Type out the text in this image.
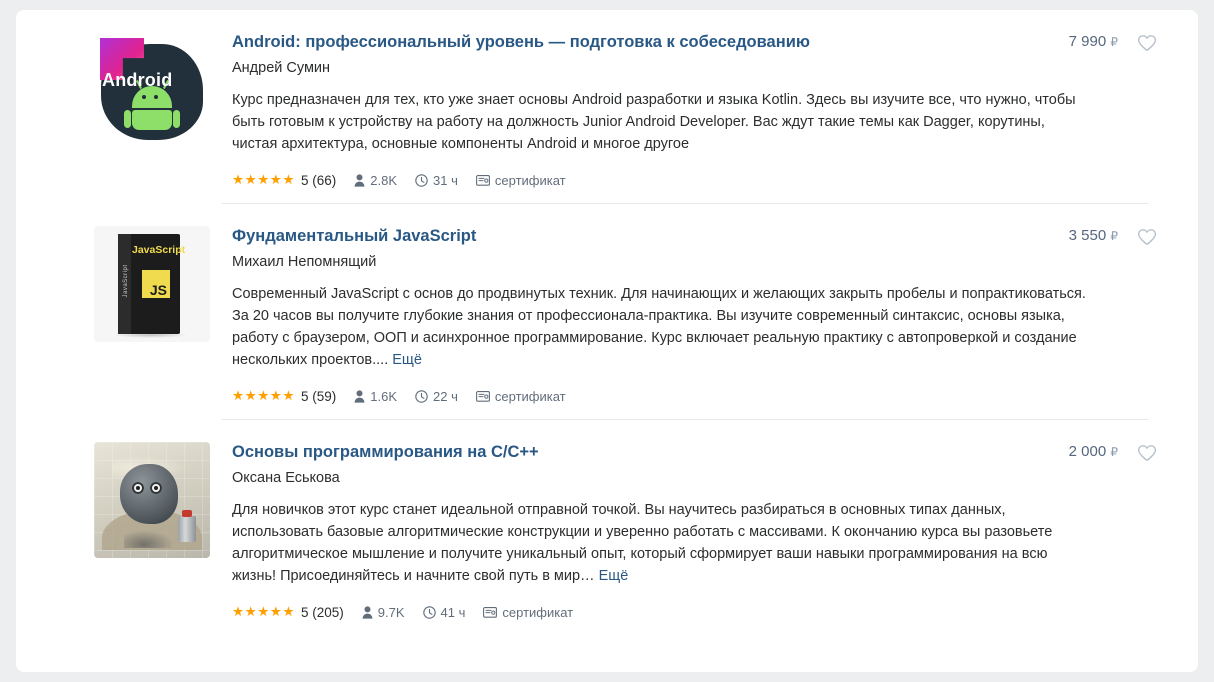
Android
Android: профессиональный уровень — подготовка к собеседованию	7 990 ₽
Андрей Сумин
Курс предназначен для тех, кто уже знает основы Android разработки и языка Kotlin. Здесь вы изучите все, что нужно, чтобы быть готовым к устройству на работу на должность Junior Android Developer. Вас ждут такие темы как Dagger, корутины, чистая архитектура, основные компоненты Android и многое другое
★★★★★ 5 (66)	2.8K	31 ч	сертификат
JavaScript
JavaScript
JS
Фундаментальный JavaScript	3 550 ₽
Михаил Непомнящий
Современный JavaScript с основ до продвинутых техник. Для начинающих и желающих закрыть пробелы и попрактиковаться. За 20 часов вы получите глубокие знания от профессионала-практика. Вы изучите современный синтаксис, основы языка, работу с браузером, ООП и асинхронное программирование. Курс включает реальную практику с автопроверкой и создание нескольких проектов.... Ещё
★★★★★ 5 (59)	1.6K	22 ч	сертификат
Основы программирования на C/C++	2 000 ₽
Оксана Еськова
Для новичков этот курс станет идеальной отправной точкой. Вы научитесь разбираться в основных типах данных, использовать базовые алгоритмические конструкции и уверенно работать с массивами. К окончанию курса вы разовьете алгоритмическое мышление и получите уникальный опыт, который сформирует ваши навыки программирования на всю жизнь! Присоединяйтесь и начните свой путь в мир… Ещё
★★★★★ 5 (205)	9.7K	41 ч	сертификат
